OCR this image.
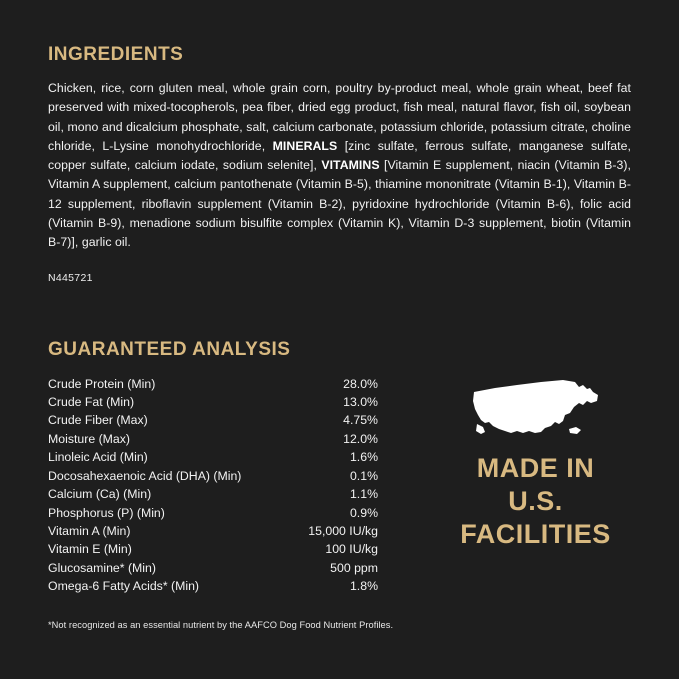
INGREDIENTS

Chicken, rice, corn gluten meal, whole grain corn, poultry by-product meal, whole grain wheat, beef fat preserved with mixed-tocopherols, pea fiber, dried egg product, fish meal, natural flavor, fish oil, soybean oil, mono and dicalcium phosphate, salt, calcium carbonate, potassium chloride, potassium citrate, choline chloride, L-Lysine monohydrochloride, MINERALS [zinc sulfate, ferrous sulfate, manganese sulfate, copper sulfate, calcium iodate, sodium selenite], VITAMINS [Vitamin E supplement, niacin (Vitamin B-3), Vitamin A supplement, calcium pantothenate (Vitamin B-5), thiamine mononitrate (Vitamin B-1), Vitamin B-12 supplement, riboflavin supplement (Vitamin B-2), pyridoxine hydrochloride (Vitamin B-6), folic acid (Vitamin B-9), menadione sodium bisulfite complex (Vitamin K), Vitamin D-3 supplement, biotin (Vitamin B-7)], garlic oil.

N445721
GUARANTEED ANALYSIS
Crude Protein (Min)	28.0%
Crude Fat (Min)	13.0%
Crude Fiber (Max)	4.75%
Moisture (Max)	12.0%
Linoleic Acid (Min)	1.6%
Docosahexaenoic Acid (DHA) (Min)	0.1%
Calcium (Ca) (Min)	1.1%
Phosphorus (P) (Min)	0.9%
Vitamin A (Min)	15,000 IU/kg
Vitamin E (Min)	100 IU/kg
Glucosamine* (Min)	500 ppm
Omega-6 Fatty Acids* (Min)	1.8%
MADE IN
U.S.
FACILITIES
*Not recognized as an essential nutrient by the AAFCO Dog Food Nutrient Profiles.
